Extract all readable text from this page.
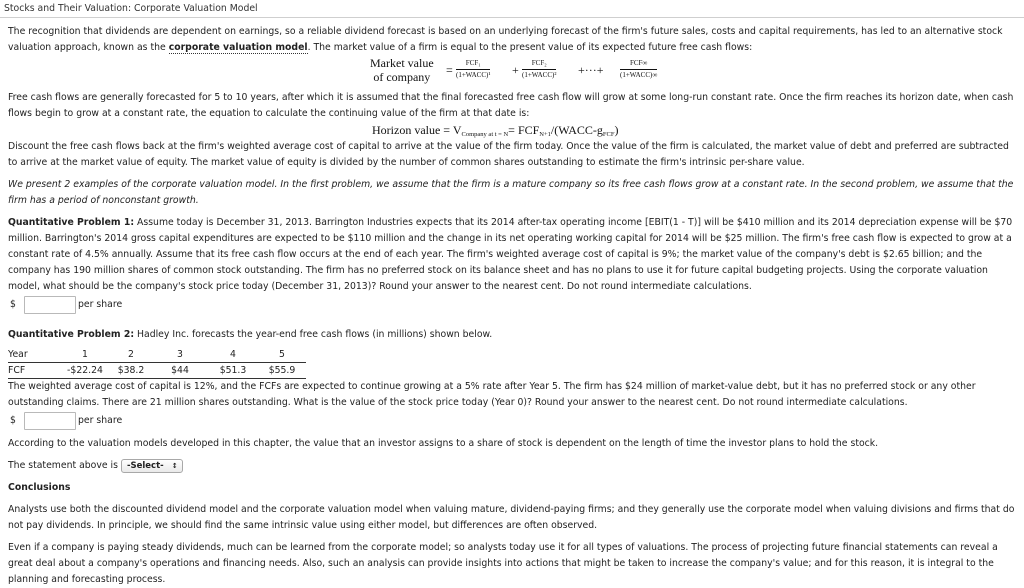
Stocks and Their Valuation: Corporate Valuation Model

The recognition that dividends are dependent on earnings, so a reliable dividend forecast is based on an underlying forecast of the firm's future sales, costs and capital requirements, has led to an alternative stock valuation approach, known as the corporate valuation model. The market value of a firm is equal to the present value of its expected future free cash flows:

Market value
of company =	FCF₁
(1+WACC)¹ +	FCF₂
(1+WACC)² +···+	FCF∞
(1+WACC)∞

Free cash flows are generally forecasted for 5 to 10 years, after which it is assumed that the final forecasted free cash flow will grow at some long-run constant rate. Once the firm reaches its horizon date, when cash flows begin to grow at a constant rate, the equation to calculate the continuing value of the firm at that date is:

Horizon value = $V_{Company at t = N}=$ $FCF_{N+1}/(WACC-g_{FCF})$

Discount the free cash flows back at the firm's weighted average cost of capital to arrive at the value of the firm today. Once the value of the firm is calculated, the market value of debt and preferred are subtracted to arrive at the market value of equity. The market value of equity is divided by the number of common shares outstanding to estimate the firm's intrinsic per-share value.

We present 2 examples of the corporate valuation model. In the first problem, we assume that the firm is a mature company so its free cash flows grow at a constant rate. In the second problem, we assume that the firm has a period of nonconstant growth.

Quantitative Problem 1: Assume today is December 31, 2013. Barrington Industries expects that its 2014 after-tax operating income [EBIT(1 - T)] will be $410 million and its 2014 depreciation expense will be $70 million. Barrington's 2014 gross capital expenditures are expected to be $110 million and the change in its net operating working capital for 2014 will be $25 million. The firm's free cash flow is expected to grow at a constant rate of 4.5% annually. Assume that its free cash flow occurs at the end of each year. The firm's weighted average cost of capital is 9%; the market value of the company's debt is $2.65 billion; and the company has 190 million shares of common stock outstanding. The firm has no preferred stock on its balance sheet and has no plans to use it for future capital budgeting projects. Using the corporate valuation model, what should be the company's stock price today (December 31, 2013)? Round your answer to the nearest cent. Do not round intermediate calculations.

$	per share

Quantitative Problem 2: Hadley Inc. forecasts the year-end free cash flows (in millions) shown below.

Year	1	2	3	4	5
FCF	-$22.24	$38.2	$44	$51.3	$55.9

The weighted average cost of capital is 12%, and the FCFs are expected to continue growing at a 5% rate after Year 5. The firm has $24 million of market-value debt, but it has no preferred stock or any other outstanding claims. There are 21 million shares outstanding. What is the value of the stock price today (Year 0)? Round your answer to the nearest cent. Do not round intermediate calculations.

$	per share

According to the valuation models developed in this chapter, the value that an investor assigns to a share of stock is dependent on the length of time the investor plans to hold the stock.

The statement above is -Select- ↕

Conclusions

Analysts use both the discounted dividend model and the corporate valuation model when valuing mature, dividend-paying firms; and they generally use the corporate model when valuing divisions and firms that do not pay dividends. In principle, we should find the same intrinsic value using either model, but differences are often observed.

Even if a company is paying steady dividends, much can be learned from the corporate model; so analysts today use it for all types of valuations. The process of projecting future financial statements can reveal a great deal about a company's operations and financing needs. Also, such an analysis can provide insights into actions that might be taken to increase the company's value; and for this reason, it is integral to the planning and forecasting process.
